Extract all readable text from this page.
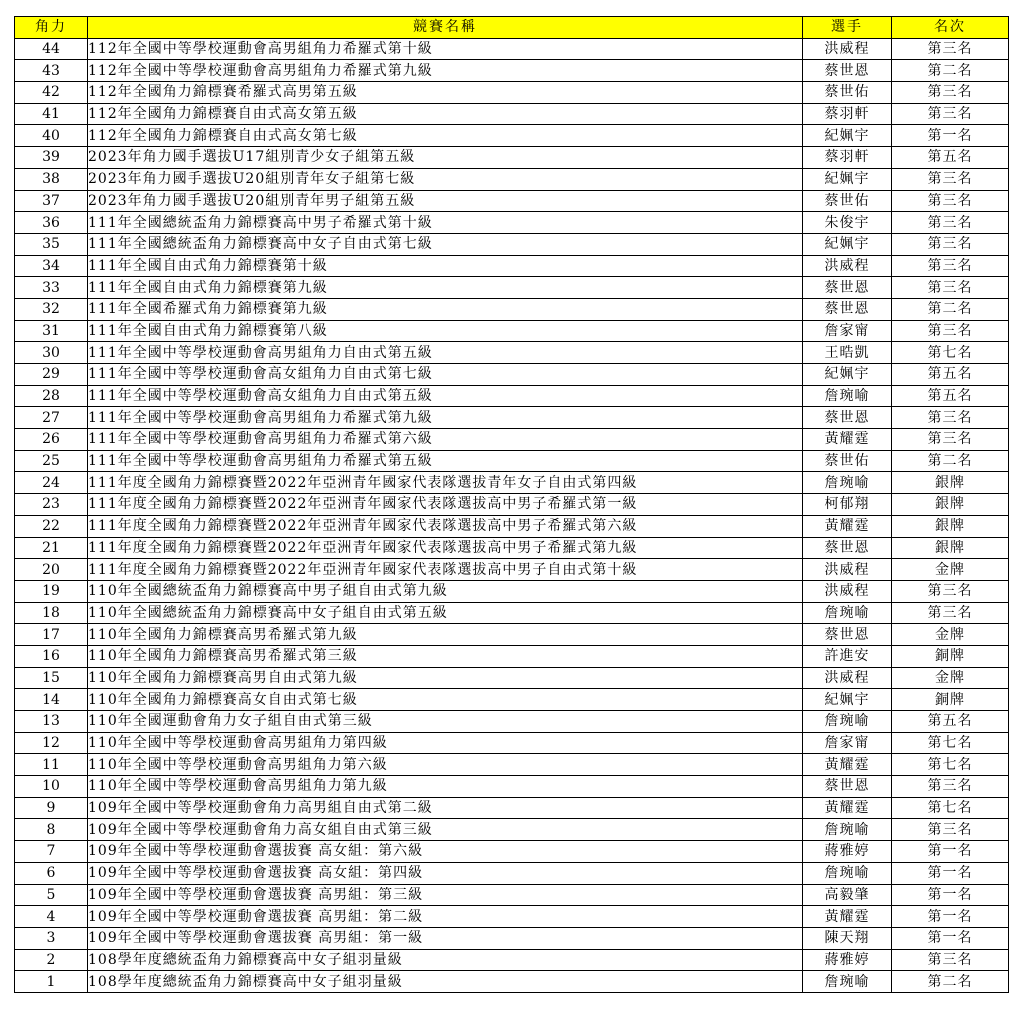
角力	競賽名稱	選手	名次
44	112年全國中等學校運動會高男組角力希羅式第十級	洪威程	第三名
43	112年全國中等學校運動會高男組角力希羅式第九級	蔡世恩	第二名
42	112年全國角力錦標賽希羅式高男第五級	蔡世佑	第三名
41	112年全國角力錦標賽自由式高女第五級	蔡羽軒	第三名
40	112年全國角力錦標賽自由式高女第七級	紀姵宇	第一名
39	2023年角力國手選拔U17組別青少女子組第五級	蔡羽軒	第五名
38	2023年角力國手選拔U20組別青年女子組第七級	紀姵宇	第三名
37	2023年角力國手選拔U20組別青年男子組第五級	蔡世佑	第三名
36	111年全國總統盃角力錦標賽高中男子希羅式第十級	朱俊宇	第三名
35	111年全國總統盃角力錦標賽高中女子自由式第七級	紀姵宇	第三名
34	111年全國自由式角力錦標賽第十級	洪威程	第三名
33	111年全國自由式角力錦標賽第九級	蔡世恩	第三名
32	111年全國希羅式角力錦標賽第九級	蔡世恩	第二名
31	111年全國自由式角力錦標賽第八級	詹家甯	第三名
30	111年全國中等學校運動會高男組角力自由式第五級	王晧凱	第七名
29	111年全國中等學校運動會高女組角力自由式第七級	紀姵宇	第五名
28	111年全國中等學校運動會高女組角力自由式第五級	詹琬喻	第五名
27	111年全國中等學校運動會高男組角力希羅式第九級	蔡世恩	第三名
26	111年全國中等學校運動會高男組角力希羅式第六級	黃耀霆	第三名
25	111年全國中等學校運動會高男組角力希羅式第五級	蔡世佑	第二名
24	111年度全國角力錦標賽暨2022年亞洲青年國家代表隊選拔青年女子自由式第四級	詹琬喻	銀牌
23	111年度全國角力錦標賽暨2022年亞洲青年國家代表隊選拔高中男子希羅式第一級	柯郁翔	銀牌
22	111年度全國角力錦標賽暨2022年亞洲青年國家代表隊選拔高中男子希羅式第六級	黃耀霆	銀牌
21	111年度全國角力錦標賽暨2022年亞洲青年國家代表隊選拔高中男子希羅式第九級	蔡世恩	銀牌
20	111年度全國角力錦標賽暨2022年亞洲青年國家代表隊選拔高中男子自由式第十級	洪威程	金牌
19	110年全國總統盃角力錦標賽高中男子組自由式第九級	洪威程	第三名
18	110年全國總統盃角力錦標賽高中女子組自由式第五級	詹琬喻	第三名
17	110年全國角力錦標賽高男希羅式第九級	蔡世恩	金牌
16	110年全國角力錦標賽高男希羅式第三級	許進安	銅牌
15	110年全國角力錦標賽高男自由式第九級	洪威程	金牌
14	110年全國角力錦標賽高女自由式第七級	紀姵宇	銅牌
13	110年全國運動會角力女子組自由式第三級	詹琬喻	第五名
12	110年全國中等學校運動會高男組角力第四級	詹家甯	第七名
11	110年全國中等學校運動會高男組角力第六級	黃耀霆	第七名
10	110年全國中等學校運動會高男組角力第九級	蔡世恩	第三名
9	109年全國中等學校運動會角力高男組自由式第二級	黃耀霆	第七名
8	109年全國中等學校運動會角力高女組自由式第三級	詹琬喻	第三名
7	109年全國中等學校運動會選拔賽 高女組：第六級	蔣雅婷	第一名
6	109年全國中等學校運動會選拔賽 高女組：第四級	詹琬喻	第一名
5	109年全國中等學校運動會選拔賽 高男組：第三級	高毅肇	第一名
4	109年全國中等學校運動會選拔賽 高男組：第二級	黃耀霆	第一名
3	109年全國中等學校運動會選拔賽 高男組：第一級	陳天翔	第一名
2	108學年度總統盃角力錦標賽高中女子組羽量級	蔣雅婷	第三名
1	108學年度總統盃角力錦標賽高中女子組羽量級	詹琬喻	第二名
